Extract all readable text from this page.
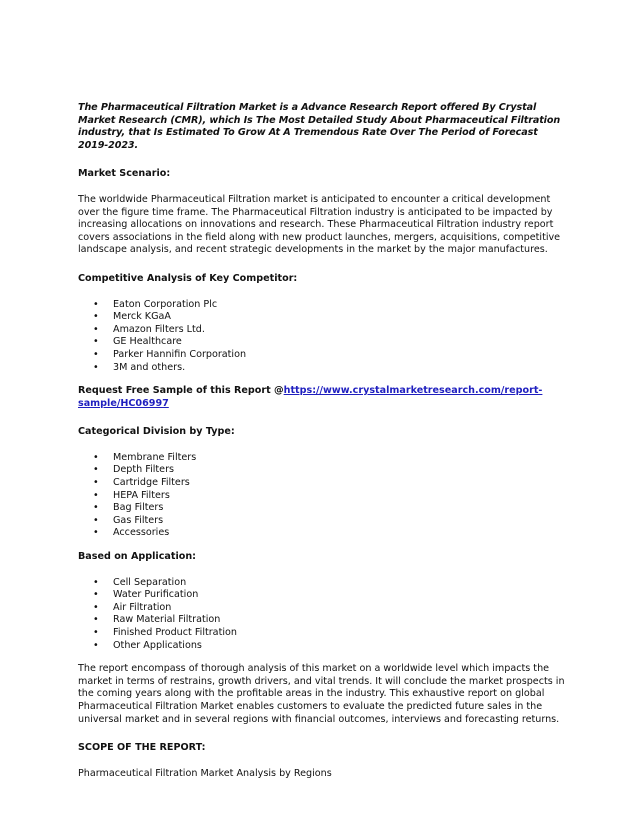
The Pharmaceutical Filtration Market is a Advance Research Report offered By Crystal Market Research (CMR), which Is The Most Detailed Study About Pharmaceutical Filtration industry, that Is Estimated To Grow At A Tremendous Rate Over The Period of Forecast 2019-2023.

Market Scenario:

The worldwide Pharmaceutical Filtration market is anticipated to encounter a critical development over the figure time frame. The Pharmaceutical Filtration industry is anticipated to be impacted by increasing allocations on innovations and research. These Pharmaceutical Filtration industry report covers associations in the field along with new product launches, mergers, acquisitions, competitive landscape analysis, and recent strategic developments in the market by the major manufactures.

Competitive Analysis of Key Competitor:

• Eaton Corporation Plc
• Merck KGaA
• Amazon Filters Ltd.
• GE Healthcare
• Parker Hannifin Corporation
• 3M and others.

Request Free Sample of this Report @https://www.crystalmarketresearch.com/report-sample/HC06997

Categorical Division by Type:

• Membrane Filters
• Depth Filters
• Cartridge Filters
• HEPA Filters
• Bag Filters
• Gas Filters
• Accessories

Based on Application:

• Cell Separation
• Water Purification
• Air Filtration
• Raw Material Filtration
• Finished Product Filtration
• Other Applications

The report encompass of thorough analysis of this market on a worldwide level which impacts the market in terms of restrains, growth drivers, and vital trends. It will conclude the market prospects in the coming years along with the profitable areas in the industry. This exhaustive report on global Pharmaceutical Filtration Market enables customers to evaluate the predicted future sales in the universal market and in several regions with financial outcomes, interviews and forecasting returns.

SCOPE OF THE REPORT:

Pharmaceutical Filtration Market Analysis by Regions
